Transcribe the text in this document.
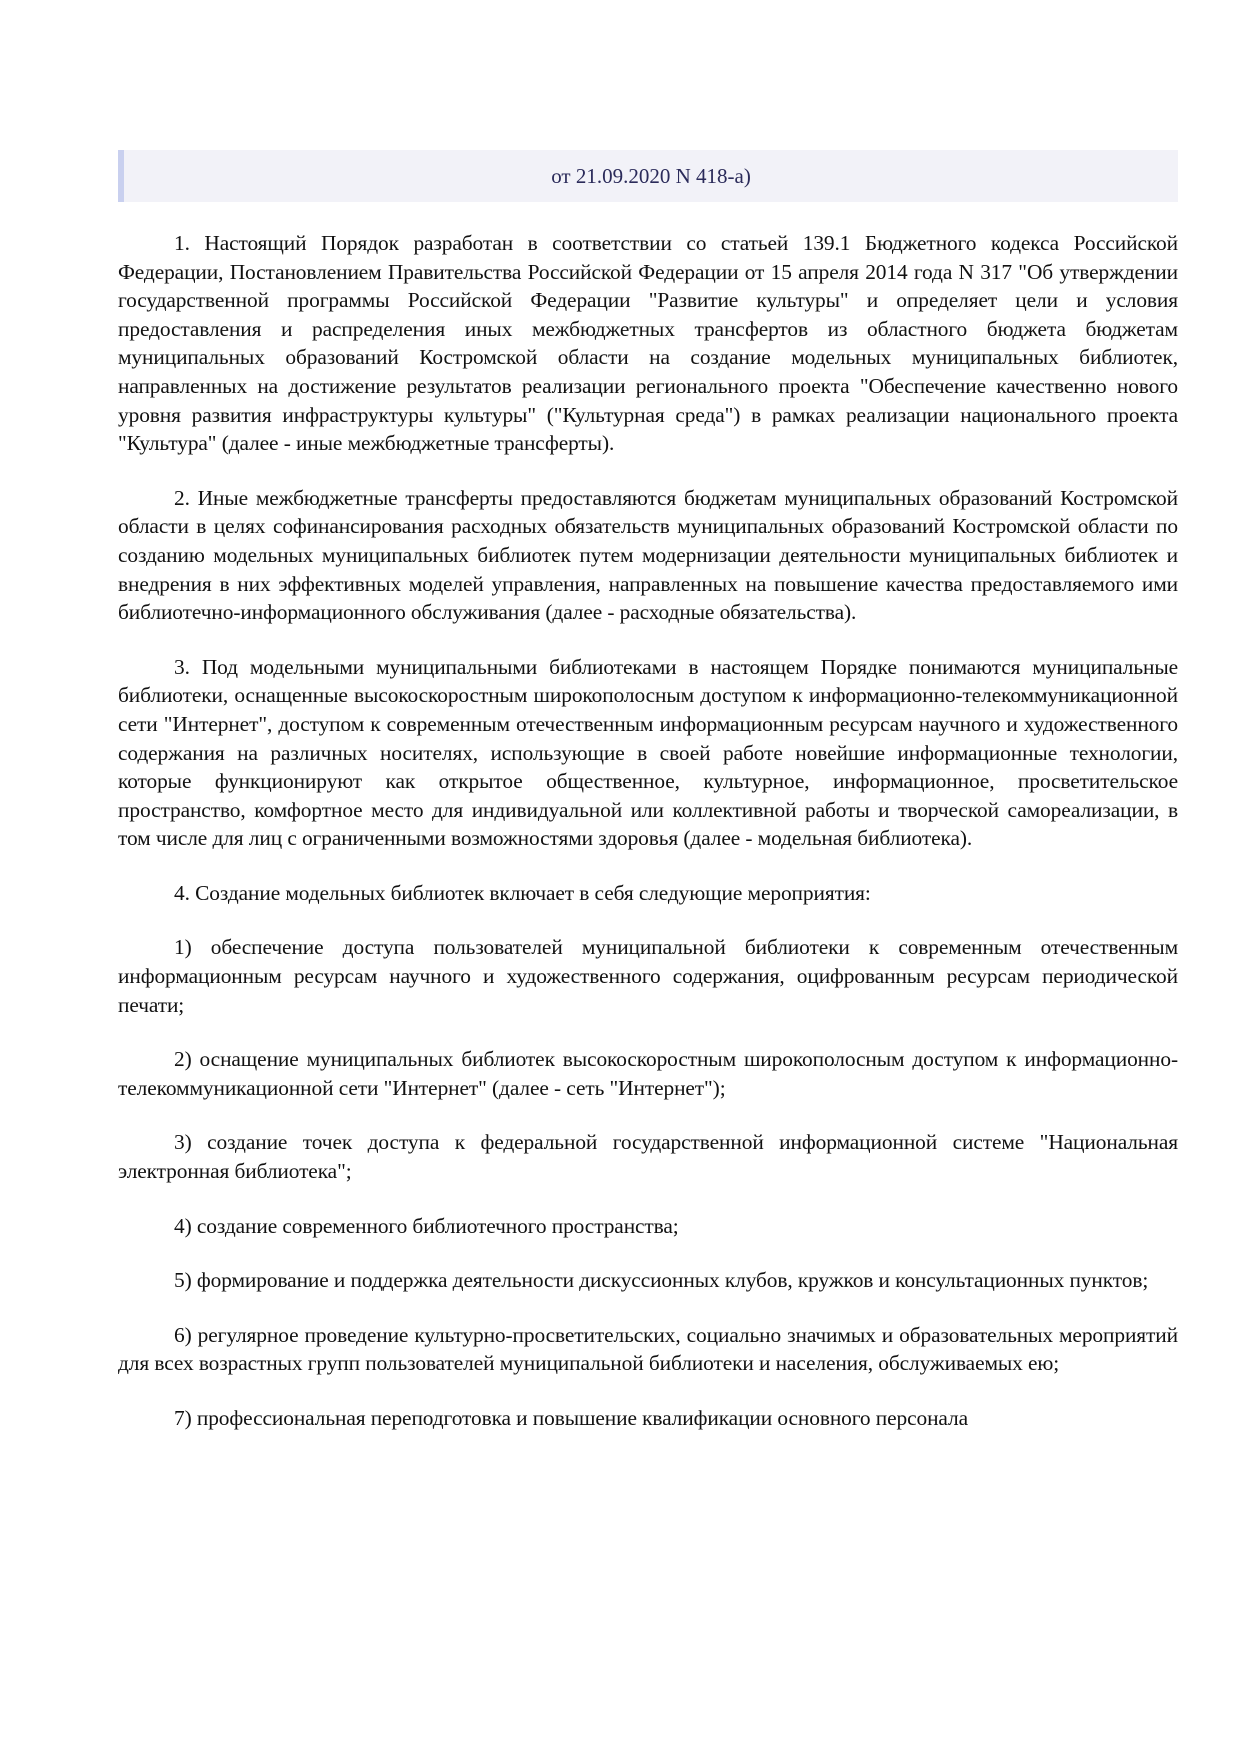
от 21.09.2020 N 418-а)

1. Настоящий Порядок разработан в соответствии со статьей 139.1 Бюджетного кодекса Российской Федерации, Постановлением Правительства Российской Федерации от 15 апреля 2014 года N 317 "Об утверждении государственной программы Российской Федерации "Развитие культуры" и определяет цели и условия предоставления и распределения иных межбюджетных трансфертов из областного бюджета бюджетам муниципальных образований Костромской области на создание модельных муниципальных библиотек, направленных на достижение результатов реализации регионального проекта "Обеспечение качественно нового уровня развития инфраструктуры культуры" ("Культурная среда") в рамках реализации национального проекта "Культура" (далее - иные межбюджетные трансферты).

2. Иные межбюджетные трансферты предоставляются бюджетам муниципальных образований Костромской области в целях софинансирования расходных обязательств муниципальных образований Костромской области по созданию модельных муниципальных библиотек путем модернизации деятельности муниципальных библиотек и внедрения в них эффективных моделей управления, направленных на повышение качества предоставляемого ими библиотечно-информационного обслуживания (далее - расходные обязательства).

3. Под модельными муниципальными библиотеками в настоящем Порядке понимаются муниципальные библиотеки, оснащенные высокоскоростным широкополосным доступом к информационно-телекоммуникационной сети "Интернет", доступом к современным отечественным информационным ресурсам научного и художественного содержания на различных носителях, использующие в своей работе новейшие информационные технологии, которые функционируют как открытое общественное, культурное, информационное, просветительское пространство, комфортное место для индивидуальной или коллективной работы и творческой самореализации, в том числе для лиц с ограниченными возможностями здоровья (далее - модельная библиотека).

4. Создание модельных библиотек включает в себя следующие мероприятия:

1) обеспечение доступа пользователей муниципальной библиотеки к современным отечественным информационным ресурсам научного и художественного содержания, оцифрованным ресурсам периодической печати;

2) оснащение муниципальных библиотек высокоскоростным широкополосным доступом к информационно-телекоммуникационной сети "Интернет" (далее - сеть "Интернет");

3) создание точек доступа к федеральной государственной информационной системе "Национальная электронная библиотека";

4) создание современного библиотечного пространства;

5) формирование и поддержка деятельности дискуссионных клубов, кружков и консультационных пунктов;

6) регулярное проведение культурно-просветительских, социально значимых и образовательных мероприятий для всех возрастных групп пользователей муниципальной библиотеки и населения, обслуживаемых ею;

7) профессиональная переподготовка и повышение квалификации основного персонала
